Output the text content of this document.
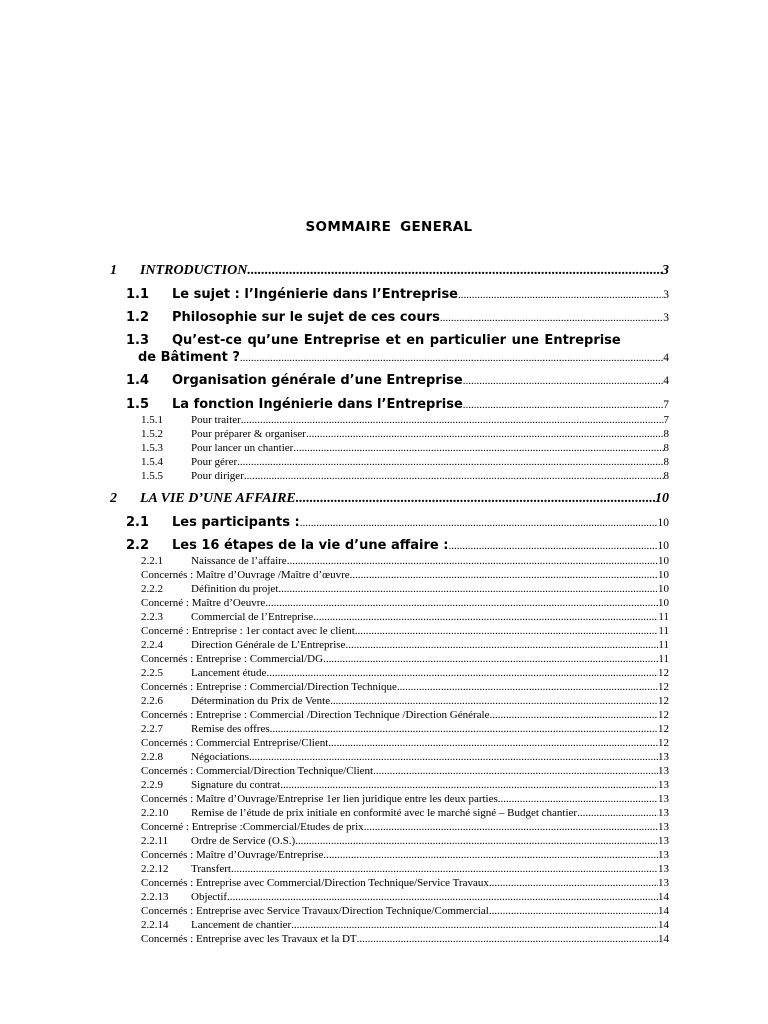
SOMMAIRE GENERAL
1	INTRODUCTION .....	3
1.1	Le sujet : l’Ingénierie dans l’Entreprise .....	3
1.2	Philosophie sur le sujet de ces cours .....	3
1.3 Qu’est-ce qu’une Entreprise et en particulier une Entreprise
de Bâtiment ? .....	4
1.4	Organisation générale d’une Entreprise .....	4
1.5	La fonction Ingénierie dans l’Entreprise .....	7
1.5.1	Pour traiter .....	7
1.5.2	Pour préparer & organiser .....	8
1.5.3	Pour lancer un chantier .....	8
1.5.4	Pour gérer .....	8
1.5.5	Pour diriger .....	8
2	LA VIE D’UNE AFFAIRE .....	10
2.1	Les participants : .....	10
2.2	Les 16 étapes de la vie d’une affaire : .....	10
2.2.1	Naissance de l’affaire .....	10
Concernés : Maître d’Ouvrage /Maître d’œuvre .....	10
2.2.2	Définition du projet .....	10
Concerné : Maître d’Oeuvre .....	10
2.2.3	Commercial de l’Entreprise .....	11
Concerné : Entreprise : 1er contact avec le client .....	11
2.2.4	Direction Générale de L’Entreprise .....	11
Concernés : Entreprise : Commercial/DG .....	11
2.2.5	Lancement étude .....	12
Concernés : Entreprise : Commercial/Direction Technique .....	12
2.2.6	Détermination du Prix de Vente .....	12
Concernés : Entreprise : Commercial /Direction Technique /Direction Générale .....	12
2.2.7	Remise des offres .....	12
Concernés : Commercial Entreprise/Client .....	12
2.2.8	Négociations .....	13
Concernés : Commercial/Direction Technique/Client .....	13
2.2.9	Signature du contrat .....	13
Concernés : Maître d’Ouvrage/Entreprise 1er lien juridique entre les deux parties .....	13
2.2.10	Remise de l’étude de prix initiale en conformité avec le marché signé – Budget chantier .....	13
Concerné : Entreprise :Commercial/Etudes de prix .....	13
2.2.11	Ordre de Service (O.S.) .....	13
Concernés : Maître d’Ouvrage/Entreprise .....	13
2.2.12	Transfert .....	13
Concernés : Entreprise avec Commercial/Direction Technique/Service Travaux .....	13
2.2.13	Objectif .....	14
Concernés : Entreprise avec Service Travaux/Direction Technique/Commercial .....	14
2.2.14	Lancement de chantier .....	14
Concernés : Entreprise avec les Travaux et la DT .....	14
